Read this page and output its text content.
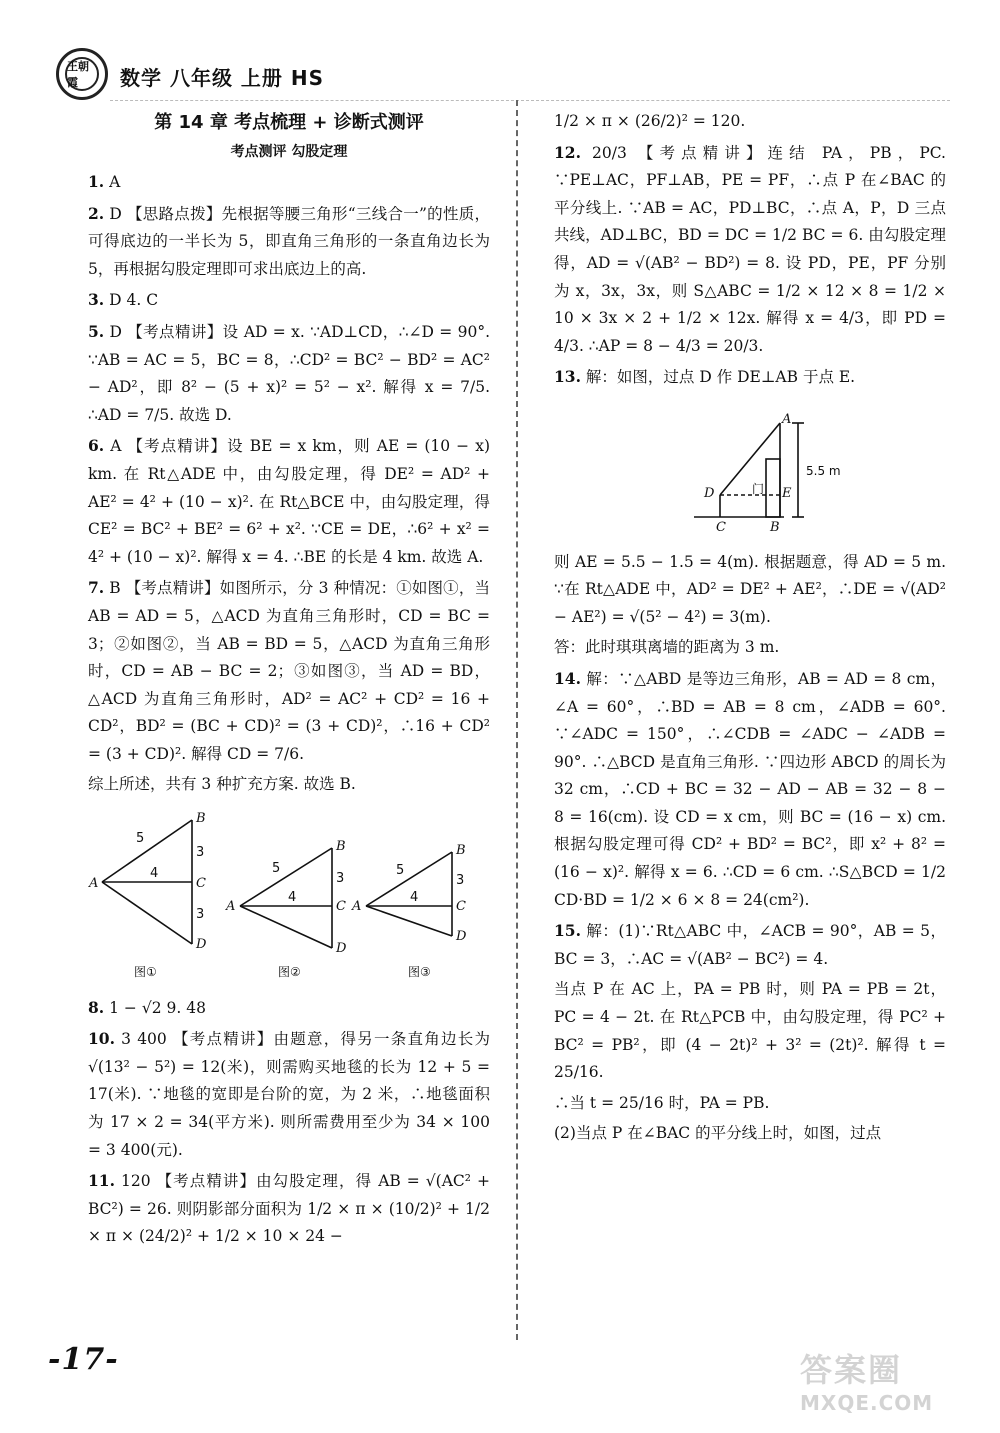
王朝霞	数学 八年级 上册 HS
第 14 章 考点梳理 + 诊断式测评
考点测评 勾股定理
1. A
2. D 【思路点拨】先根据等腰三角形“三线合一”的性质，可得底边的一半长为 5，即直角三角形的一条直角边长为 5，再根据勾股定理即可求出底边上的高.
3. D 4. C
5. D 【考点精讲】设 AD = x. ∵AD⊥CD，∴∠D = 90°. ∵AB = AC = 5，BC = 8，∴CD² = BC² − BD² = AC² − AD²，即 8² − (5 + x)² = 5² − x². 解得 x = 7/5. ∴AD = 7/5. 故选 D.
6. A 【考点精讲】设 BE = x km，则 AE = (10 − x) km. 在 Rt△ADE 中，由勾股定理，得 DE² = AD² + AE² = 4² + (10 − x)². 在 Rt△BCE 中，由勾股定理，得 CE² = BC² + BE² = 6² + x². ∵CE = DE，∴6² + x² = 4² + (10 − x)². 解得 x = 4. ∴BE 的长是 4 km. 故选 A.
7. B 【考点精讲】如图所示，分 3 种情况：①如图①，当 AB = AD = 5，△ACD 为直角三角形时，CD = BC = 3；②如图②，当 AB = BD = 5，△ACD 为直角三角形时，CD = AB − BC = 2；③如图③，当 AD = BD，△ACD 为直角三角形时，AD² = AC² + CD² = 16 + CD²，BD² = (BC + CD)² = (3 + CD)²，∴16 + CD² = (3 + CD)². 解得 CD = 7/6.
综上所述，共有 3 种扩充方案. 故选 B.
A
B
C
D
A
B
C
D
A
B
C
D
5
4
3
3
5
4
3
5
4
3
图①	图②	图③
8. 1 − √2 9. 48
10. 3 400 【考点精讲】由题意，得另一条直角边长为 √(13² − 5²) = 12(米)，则需购买地毯的长为 12 + 5 = 17(米). ∵地毯的宽即是台阶的宽，为 2 米，∴地毯面积为 17 × 2 = 34(平方米). 则所需费用至少为 34 × 100 = 3 400(元).
11. 120 【考点精讲】由勾股定理，得 AB = √(AC² + BC²) = 26. 则阴影部分面积为 1/2 × π × (10/2)² + 1/2 × π × (24/2)² + 1/2 × 10 × 24 −
1/2 × π × (26/2)² = 120.
12. 20/3 【考点精讲】连结 PA，PB，PC. ∵PE⊥AC，PF⊥AB，PE = PF，∴点 P 在∠BAC 的平分线上. ∵AB = AC，PD⊥BC，∴点 A，P，D 三点共线，AD⊥BC，BD = DC = 1/2 BC = 6. 由勾股定理得，AD = √(AB² − BD²) = 8. 设 PD，PE，PF 分别为 x，3x，3x，则 S△ABC = 1/2 × 12 × 8 = 1/2 × 10 × 3x × 2 + 1/2 × 12x. 解得 x = 4/3，即 PD = 4/3. ∴AP = 8 − 4/3 = 20/3.
13. 解：如图，过点 D 作 DE⊥AB 于点 E.
A
B
C
D	E
门
5.5 m
则 AE = 5.5 − 1.5 = 4(m). 根据题意，得 AD = 5 m. ∵在 Rt△ADE 中，AD² = DE² + AE²，∴DE = √(AD² − AE²) = √(5² − 4²) = 3(m).
答：此时琪琪离墙的距离为 3 m.
14. 解：∵△ABD 是等边三角形，AB = AD = 8 cm，∠A = 60°，∴BD = AB = 8 cm，∠ADB = 60°. ∵∠ADC = 150°，∴∠CDB = ∠ADC − ∠ADB = 90°. ∴△BCD 是直角三角形. ∵四边形 ABCD 的周长为 32 cm，∴CD + BC = 32 − AD − AB = 32 − 8 − 8 = 16(cm). 设 CD = x cm，则 BC = (16 − x) cm. 根据勾股定理可得 CD² + BD² = BC²，即 x² + 8² = (16 − x)². 解得 x = 6. ∴CD = 6 cm. ∴S△BCD = 1/2 CD·BD = 1/2 × 6 × 8 = 24(cm²).
15. 解：(1)∵Rt△ABC 中，∠ACB = 90°，AB = 5，BC = 3，∴AC = √(AB² − BC²) = 4.
当点 P 在 AC 上，PA = PB 时，则 PA = PB = 2t，PC = 4 − 2t. 在 Rt△PCB 中，由勾股定理，得 PC² + BC² = PB²，即 (4 − 2t)² + 3² = (2t)². 解得 t = 25/16.
∴当 t = 25/16 时，PA = PB.
(2)当点 P 在∠BAC 的平分线上时，如图，过点
-17-	答案圈
MXQE.COM
